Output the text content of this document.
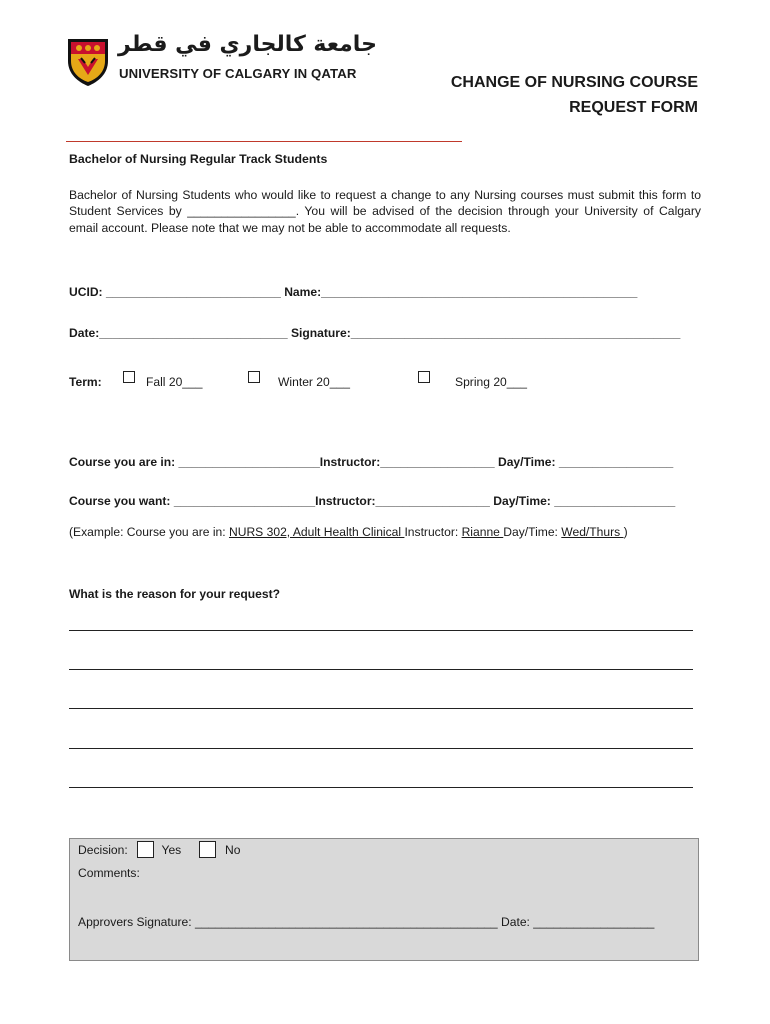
جامعة كالجاري في قطر
UNIVERSITY OF CALGARY IN QATAR
CHANGE OF NURSING COURSE
REQUEST FORM
Bachelor of Nursing Regular Track Students
Bachelor of Nursing Students who would like to request a change to any Nursing courses must submit this form to Student Services by ________________. You will be advised of the decision through your University of Calgary email account. Please note that we may not be able to accommodate all requests.
UCID: __________________________ Name:_______________________________________________
Date:____________________________ Signature:_________________________________________________
Term:	Fall 20___	Winter 20___	Spring 20___
Course you are in: _____________________Instructor:_________________ Day/Time: _________________
Course you want: _____________________Instructor:_________________ Day/Time: __________________
(Example: Course you are in: NURS 302, Adult Health Clinical Instructor: Rianne Day/Time: Wed/Thurs )
What is the reason for your request?
Decision:	Yes	No
Comments:
Approvers Signature: _____________________________________________ Date: __________________
